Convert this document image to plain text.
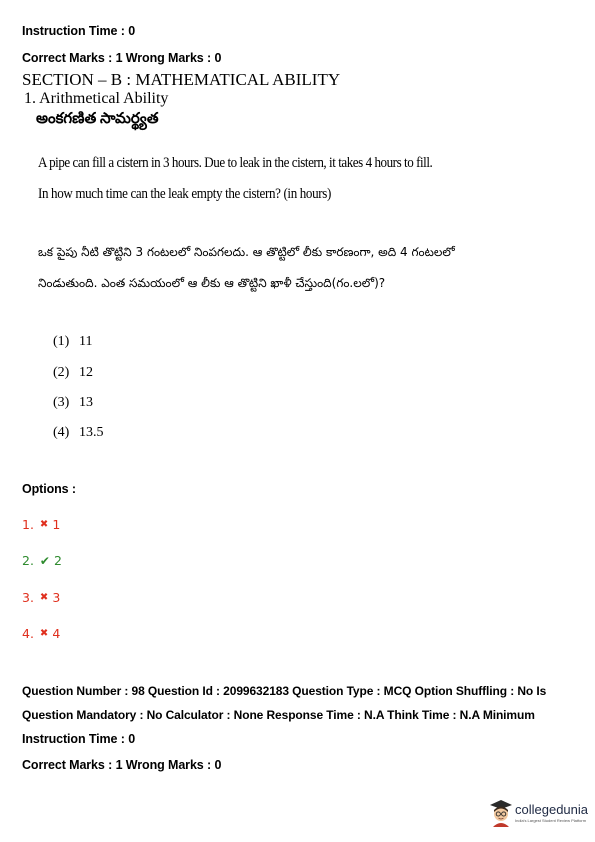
Instruction Time : 0
Correct Marks : 1 Wrong Marks : 0
SECTION – B : MATHEMATICAL ABILITY
1. Arithmetical Ability
అంకగణిత సామర్థ్యత
A pipe can fill a cistern in 3 hours. Due to leak in the cistern, it takes 4 hours to fill.
In how much time can the leak empty the cistern? (in hours)
ఒక పైపు నీటి తొట్టిని 3 గంటలలో నింపగలదు. ఆ తొట్టిలో లీకు కారణంగా, అది 4 గంటలలో
నిండుతుంది. ఎంత సమయంలో ఆ లీకు ఆ తొట్టిని ఖాళీ చేస్తుంది(గం.లలో)?
(1) 11
(2) 12
(3) 13
(4) 13.5
Options :
1. ✖ 1
2. ✔ 2
3. ✖ 3
4. ✖ 4
Question Number : 98 Question Id : 2099632183 Question Type : MCQ Option Shuffling : No Is
Question Mandatory : No Calculator : None Response Time : N.A Think Time : N.A Minimum
Instruction Time : 0
Correct Marks : 1 Wrong Marks : 0
collegedunia
India's Largest Student Review Platform
